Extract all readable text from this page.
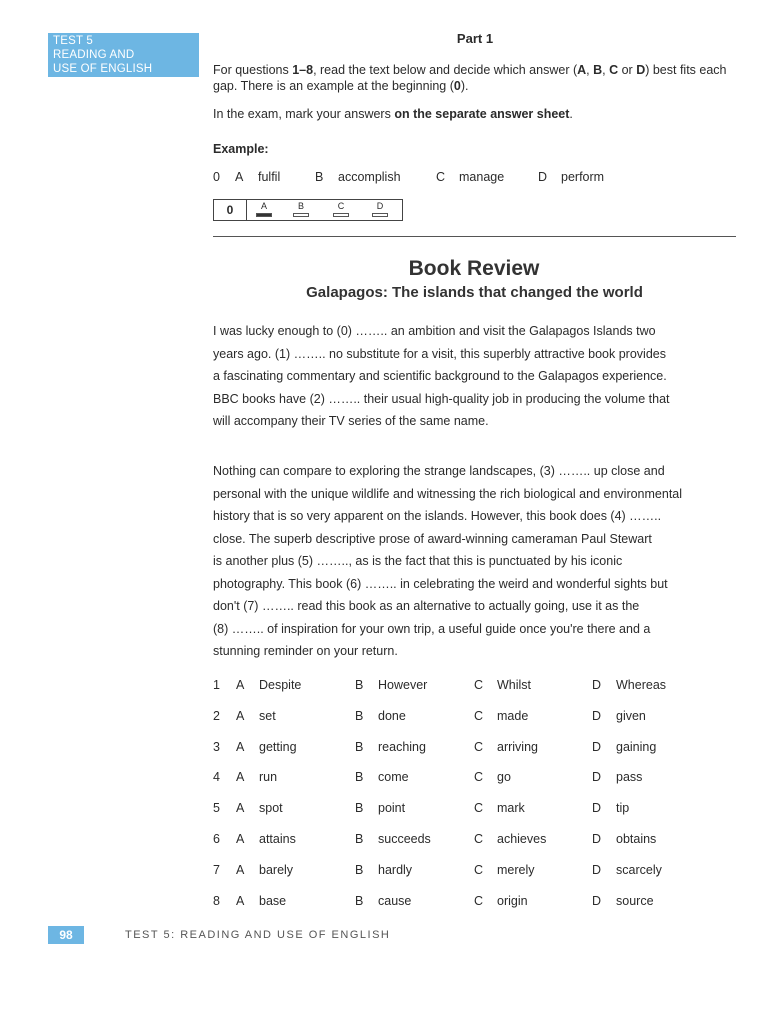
TEST 5
READING AND
USE OF ENGLISH
Part 1
For questions 1–8, read the text below and decide which answer (A, B, C or D) best fits each gap. There is an example at the beginning (0).
In the exam, mark your answers on the separate answer sheet.
Example:
0 A fulfil	B accomplish	C manage	D perform
0	A	B	C	D
Book Review
Galapagos: The islands that changed the world
I was lucky enough to (0) …….. an ambition and visit the Galapagos Islands two
years ago. (1) …….. no substitute for a visit, this superbly attractive book provides
a fascinating commentary and scientific background to the Galapagos experience.
BBC books have (2) …….. their usual high-quality job in producing the volume that
will accompany their TV series of the same name.
Nothing can compare to exploring the strange landscapes, (3) …….. up close and
personal with the unique wildlife and witnessing the rich biological and environmental
history that is so very apparent on the islands. However, this book does (4) ……..
close. The superb descriptive prose of award-winning cameraman Paul Stewart
is another plus (5) …….., as is the fact that this is punctuated by his iconic
photography. This book (6) …….. in celebrating the weird and wonderful sights but
don't (7) …….. read this book as an alternative to actually going, use it as the
(8) …….. of inspiration for your own trip, a useful guide once you're there and a
stunning reminder on your return.
1 A Despite	B However	C Whilst	D Whereas
2 A set	B done	C made	D given
3 A getting	B reaching	C arriving	D gaining
4 A run	B come	C go	D pass
5 A spot	B point	C mark	D tip
6 A attains	B succeeds	C achieves	D obtains
7 A barely	B hardly	C merely	D scarcely
8 A base	B cause	C origin	D source
98	TEST 5: READING AND USE OF ENGLISH
